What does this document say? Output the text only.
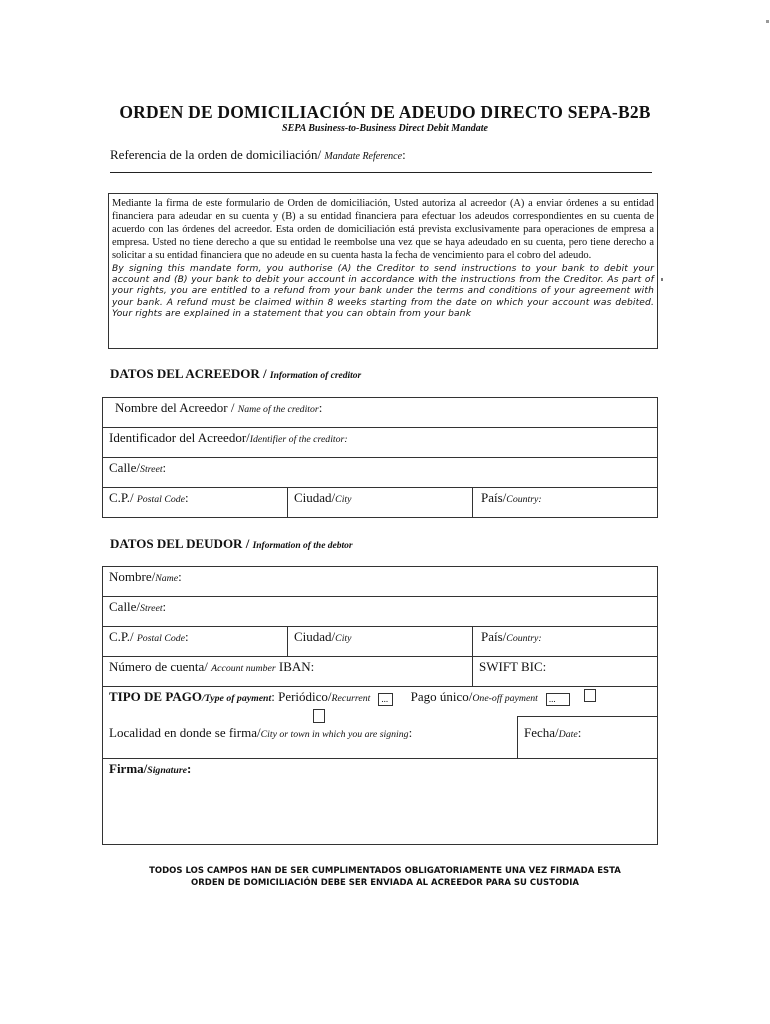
ORDEN DE DOMICILIACIÓN DE ADEUDO DIRECTO SEPA-B2B
SEPA Business-to-Business Direct Debit Mandate
Referencia de la orden de domiciliación/ Mandate Reference:

Mediante la firma de este formulario de Orden de domiciliación, Usted autoriza al acreedor (A) a enviar órdenes a su entidad financiera para adeudar en su cuenta y (B) a su entidad financiera para efectuar los adeudos correspondientes en su cuenta de acuerdo con las órdenes del acreedor. Esta orden de domiciliación está prevista exclusivamente para operaciones de empresa a empresa. Usted no tiene derecho a que su entidad le reembolse una vez que se haya adeudado en su cuenta, pero tiene derecho a solicitar a su entidad financiera que no adeude en su cuenta hasta la fecha de vencimiento para el cobro del adeudo.

By signing this mandate form, you authorise (A) the Creditor to send instructions to your bank to debit your account and (B) your bank to debit your account in accordance with the instructions from the Creditor. As part of your rights, you are entitled to a refund from your bank under the terms and conditions of your agreement with your bank. A refund must be claimed within 8 weeks starting from the date on which your account was debited. Your rights are explained in a statement that you can obtain from your bank

DATOS DEL ACREEDOR / Information of creditor
Nombre del Acreedor / Name of the creditor:
Identificador del Acreedor/Identifier of the creditor:
Calle/Street:
C.P./ Postal Code:	Ciudad/City	País/Country:
DATOS DEL DEUDOR / Information of the debtor
Nombre/Name:			
Calle/Street:			
C.P./ Postal Code:	Ciudad/City	País/Country:	
Número de cuenta/ Account number IBAN:		SWIFT BIC:	
TIPO DE PAGO/Type of payment: Periódico/Recurrent ... Pago único/One-off payment ...			
Localidad en donde se firma/City or town in which you are signing:			Fecha/Date:
Firma/Signature:			
TODOS LOS CAMPOS HAN DE SER CUMPLIMENTADOS OBLIGATORIAMENTE UNA VEZ FIRMADA ESTA
ORDEN DE DOMICILIACIÓN DEBE SER ENVIADA AL ACREEDOR PARA SU CUSTODIA
